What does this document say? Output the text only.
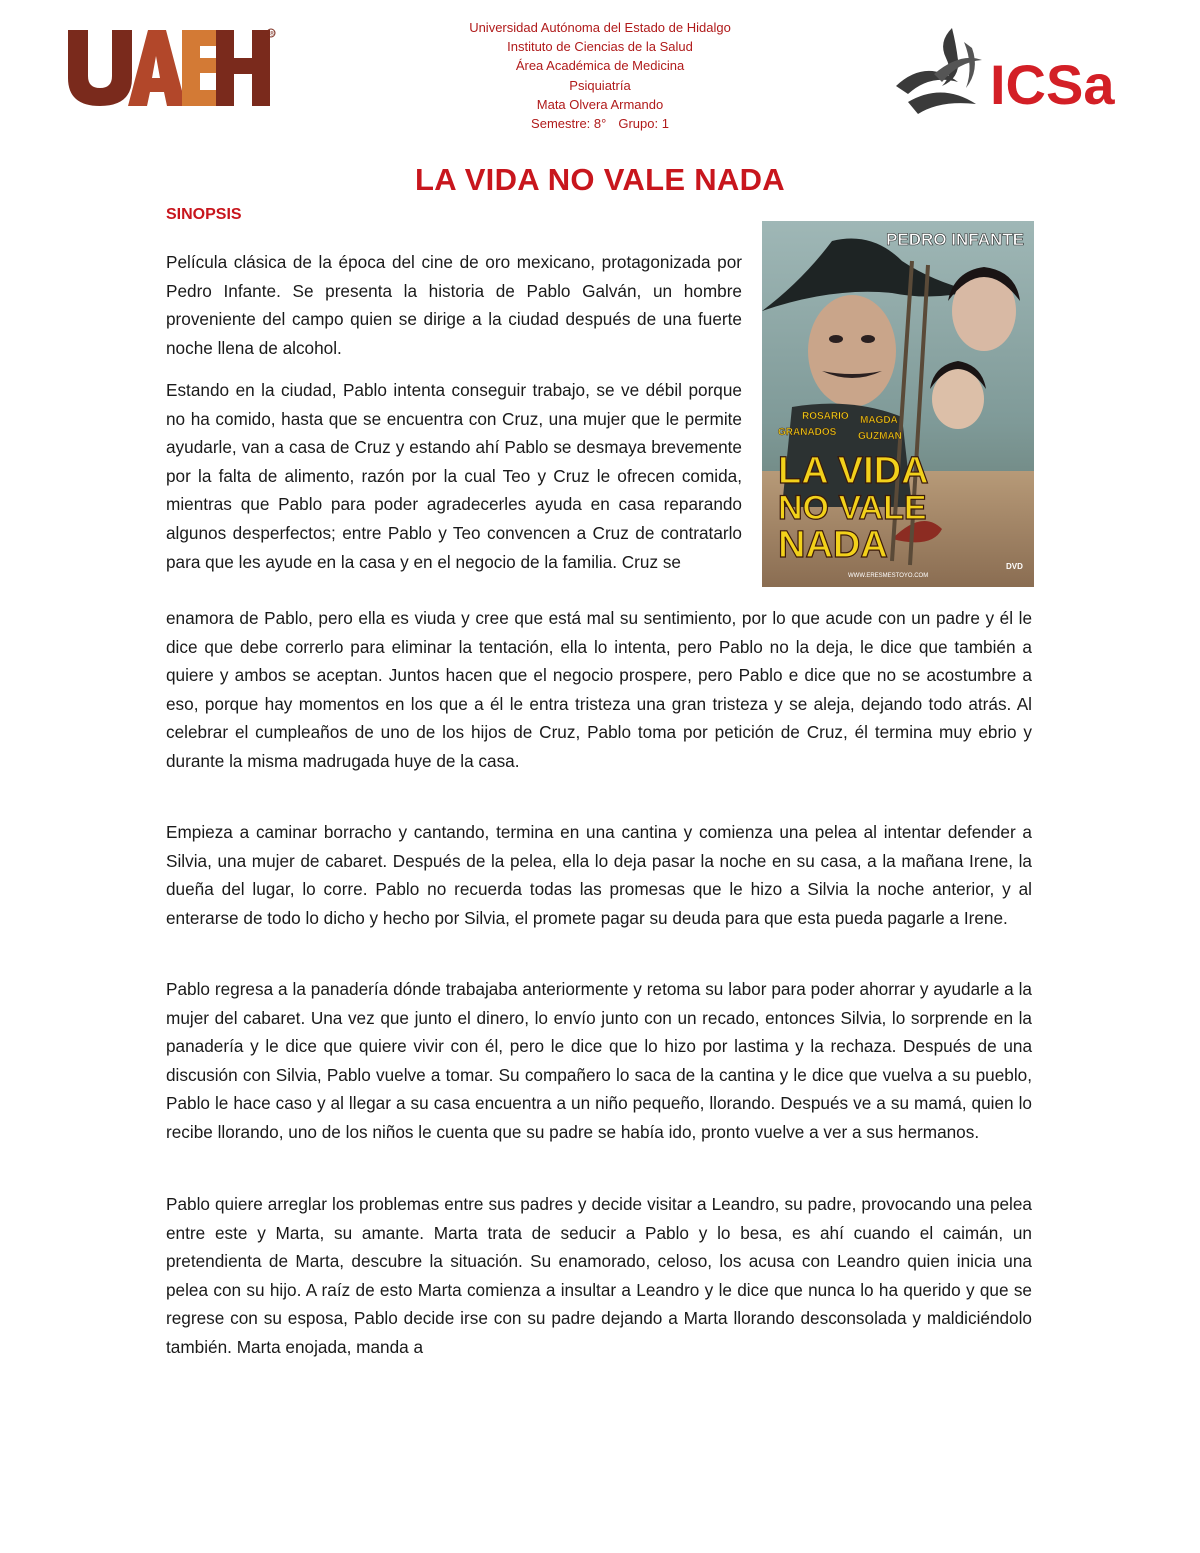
®	Universidad Autónoma del Estado de Hidalgo
Instituto de Ciencias de la Salud
Área Académica de Medicina
Psiquiatría
Mata Olvera Armando
Semestre: 8° Grupo: 1
ICSa
LA VIDA NO VALE NADA
SINOPSIS
PEDRO INFANTE
ROSARIO
GRANADOS
MAGDA
GUZMAN
LA VIDA
NO VALE
NADA
WWW.ERESMESTOYO.COM
DVD
Película clásica de la época del cine de oro mexicano, protagonizada por Pedro Infante. Se presenta la historia de Pablo Galván, un hombre proveniente del campo quien se dirige a la ciudad después de una fuerte noche llena de alcohol.
Estando en la ciudad, Pablo intenta conseguir trabajo, se ve débil porque no ha comido, hasta que se encuentra con Cruz, una mujer que le permite ayudarle, van a casa de Cruz y estando ahí Pablo se desmaya brevemente por la falta de alimento, razón por la cual Teo y Cruz le ofrecen comida, mientras que Pablo para poder agradecerles ayuda en casa reparando algunos desperfectos; entre Pablo y Teo convencen a Cruz de contratarlo para que les ayude en la casa y en el negocio de la familia. Cruz se
enamora de Pablo, pero ella es viuda y cree que está mal su sentimiento, por lo que acude con un padre y él le dice que debe correrlo para eliminar la tentación, ella lo intenta, pero Pablo no la deja, le dice que también a quiere y ambos se aceptan. Juntos hacen que el negocio prospere, pero Pablo e dice que no se acostumbre a eso, porque hay momentos en los que a él le entra tristeza una gran tristeza y se aleja, dejando todo atrás. Al celebrar el cumpleaños de uno de los hijos de Cruz, Pablo toma por petición de Cruz, él termina muy ebrio y durante la misma madrugada huye de la casa.
Empieza a caminar borracho y cantando, termina en una cantina y comienza una pelea al intentar defender a Silvia, una mujer de cabaret. Después de la pelea, ella lo deja pasar la noche en su casa, a la mañana Irene, la dueña del lugar, lo corre. Pablo no recuerda todas las promesas que le hizo a Silvia la noche anterior, y al enterarse de todo lo dicho y hecho por Silvia, el promete pagar su deuda para que esta pueda pagarle a Irene.
Pablo regresa a la panadería dónde trabajaba anteriormente y retoma su labor para poder ahorrar y ayudarle a la mujer del cabaret. Una vez que junto el dinero, lo envío junto con un recado, entonces Silvia, lo sorprende en la panadería y le dice que quiere vivir con él, pero le dice que lo hizo por lastima y la rechaza. Después de una discusión con Silvia, Pablo vuelve a tomar. Su compañero lo saca de la cantina y le dice que vuelva a su pueblo, Pablo le hace caso y al llegar a su casa encuentra a un niño pequeño, llorando. Después ve a su mamá, quien lo recibe llorando, uno de los niños le cuenta que su padre se había ido, pronto vuelve a ver a sus hermanos.
Pablo quiere arreglar los problemas entre sus padres y decide visitar a Leandro, su padre, provocando una pelea entre este y Marta, su amante. Marta trata de seducir a Pablo y lo besa, es ahí cuando el caimán, un pretendienta de Marta, descubre la situación. Su enamorado, celoso, los acusa con Leandro quien inicia una pelea con su hijo. A raíz de esto Marta comienza a insultar a Leandro y le dice que nunca lo ha querido y que se regrese con su esposa, Pablo decide irse con su padre dejando a Marta llorando desconsolada y maldiciéndolo también. Marta enojada, manda a
